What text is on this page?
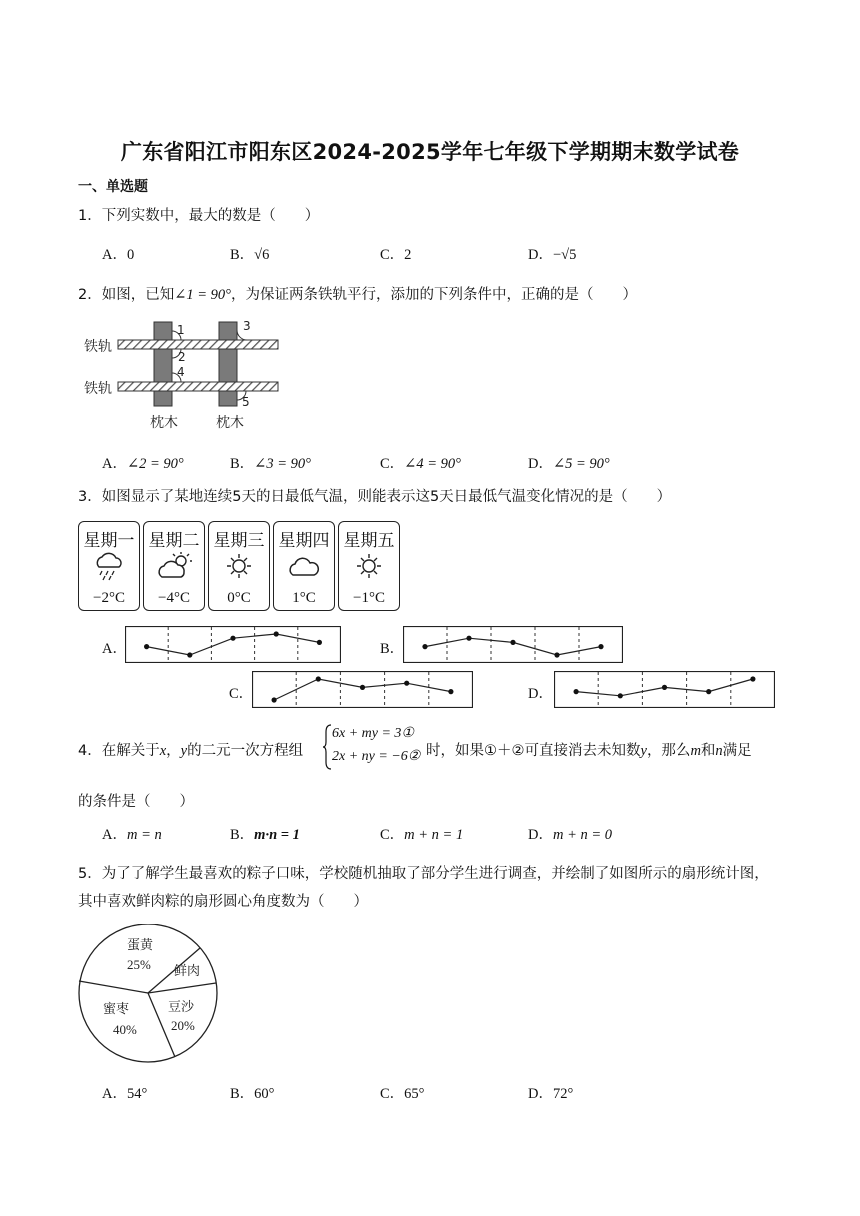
广东省阳江市阳东区2024-2025学年七年级下学期期末数学试卷
一、单选题
1．下列实数中，最大的数是（　　）
A．0	B．√6	C．2	D．−√5
2．如图，已知∠1 = 90°，为保证两条铁轨平行，添加的下列条件中，正确的是（　　）
1
2
3
4
5
铁轨
铁轨
枕木	枕木
A．∠2 = 90°	B．∠3 = 90°	C．∠4 = 90°	D．∠5 = 90°
3．如图显示了某地连续5天的日最低气温，则能表示这5天日最低气温变化情况的是（　　）
星期一
−2°C
星期二
−4°C
星期三
0°C
星期四
1°C
星期五
−1°C
A．	B．
C．	D．
4．在解关于x，y的二元一次方程组
6x + my = 3①
2x + ny = −6② 时，如果①＋②可直接消去未知数y，那么m和n满足
的条件是（　　）
A．m = n	B．m·n = 1	C．m + n = 1	D．m + n = 0
5．为了了解学生最喜欢的粽子口味，学校随机抽取了部分学生进行调查，并绘制了如图所示的扇形统计图，
其中喜欢鲜肉粽的扇形圆心角度数为（　　）
蛋黄
25% 鲜肉
豆沙
20%
蜜枣
40%
A．54°	B．60°	C．65°	D．72°
